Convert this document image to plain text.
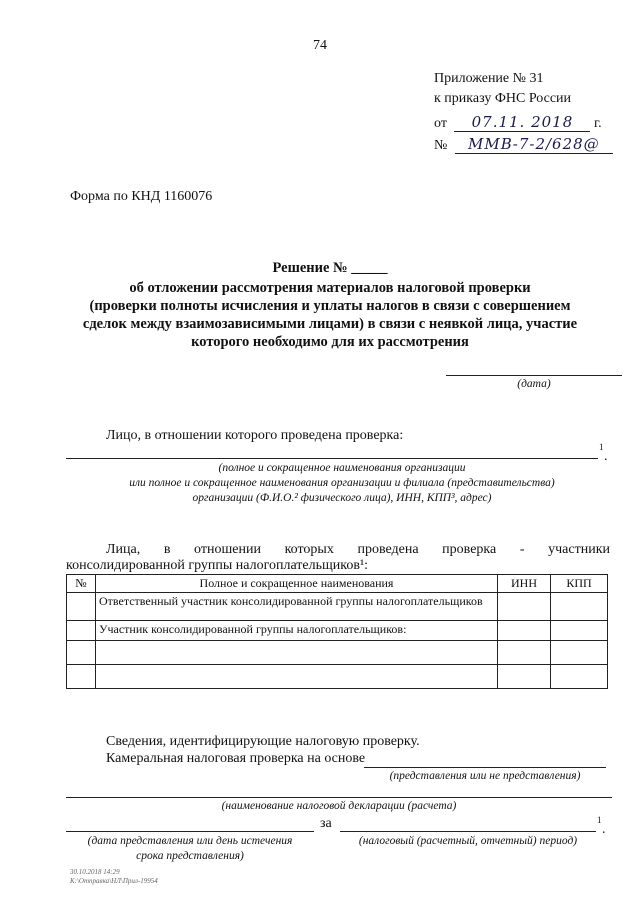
74
Приложение № 31
к приказу ФНС России
от 07.11. 2018 г.
№ ММВ-7-2/628@
Форма по КНД 1160076
Решение № _____
об отложении рассмотрения материалов налоговой проверки
(проверки полноты исчисления и уплаты налогов в связи с совершением
сделок между взаимозависимыми лицами) в связи с неявкой лица, участие
которого необходимо для их рассмотрения
(дата)
Лицо, в отношении которого проведена проверка:
1
.
(полное и сокращенное наименования организации
или полное и сокращенное наименования организации и филиала (представительства)
организации (Ф.И.О.² физического лица), ИНН, КПП³, адрес)
Лица, в отношении которых проведена проверка - участники
консолидированной группы налогоплательщиков¹:
№	Полное и сокращенное наименования	ИНН	КПП
	Ответственный участник консолидированной группы налогоплательщиков		
	Участник консолидированной группы налогоплательщиков:		

Сведения, идентифицирующие налоговую проверку.
Камеральная налоговая проверка на основе
(представления или не представления)
(наименование налоговой декларации (расчета)
за	1
.
(дата представления или день истечения
срока представления)
(налоговый (расчетный, отчетный) период)
30.10.2018 14:29
К:\Отправка\НЛ\Прил-19954
